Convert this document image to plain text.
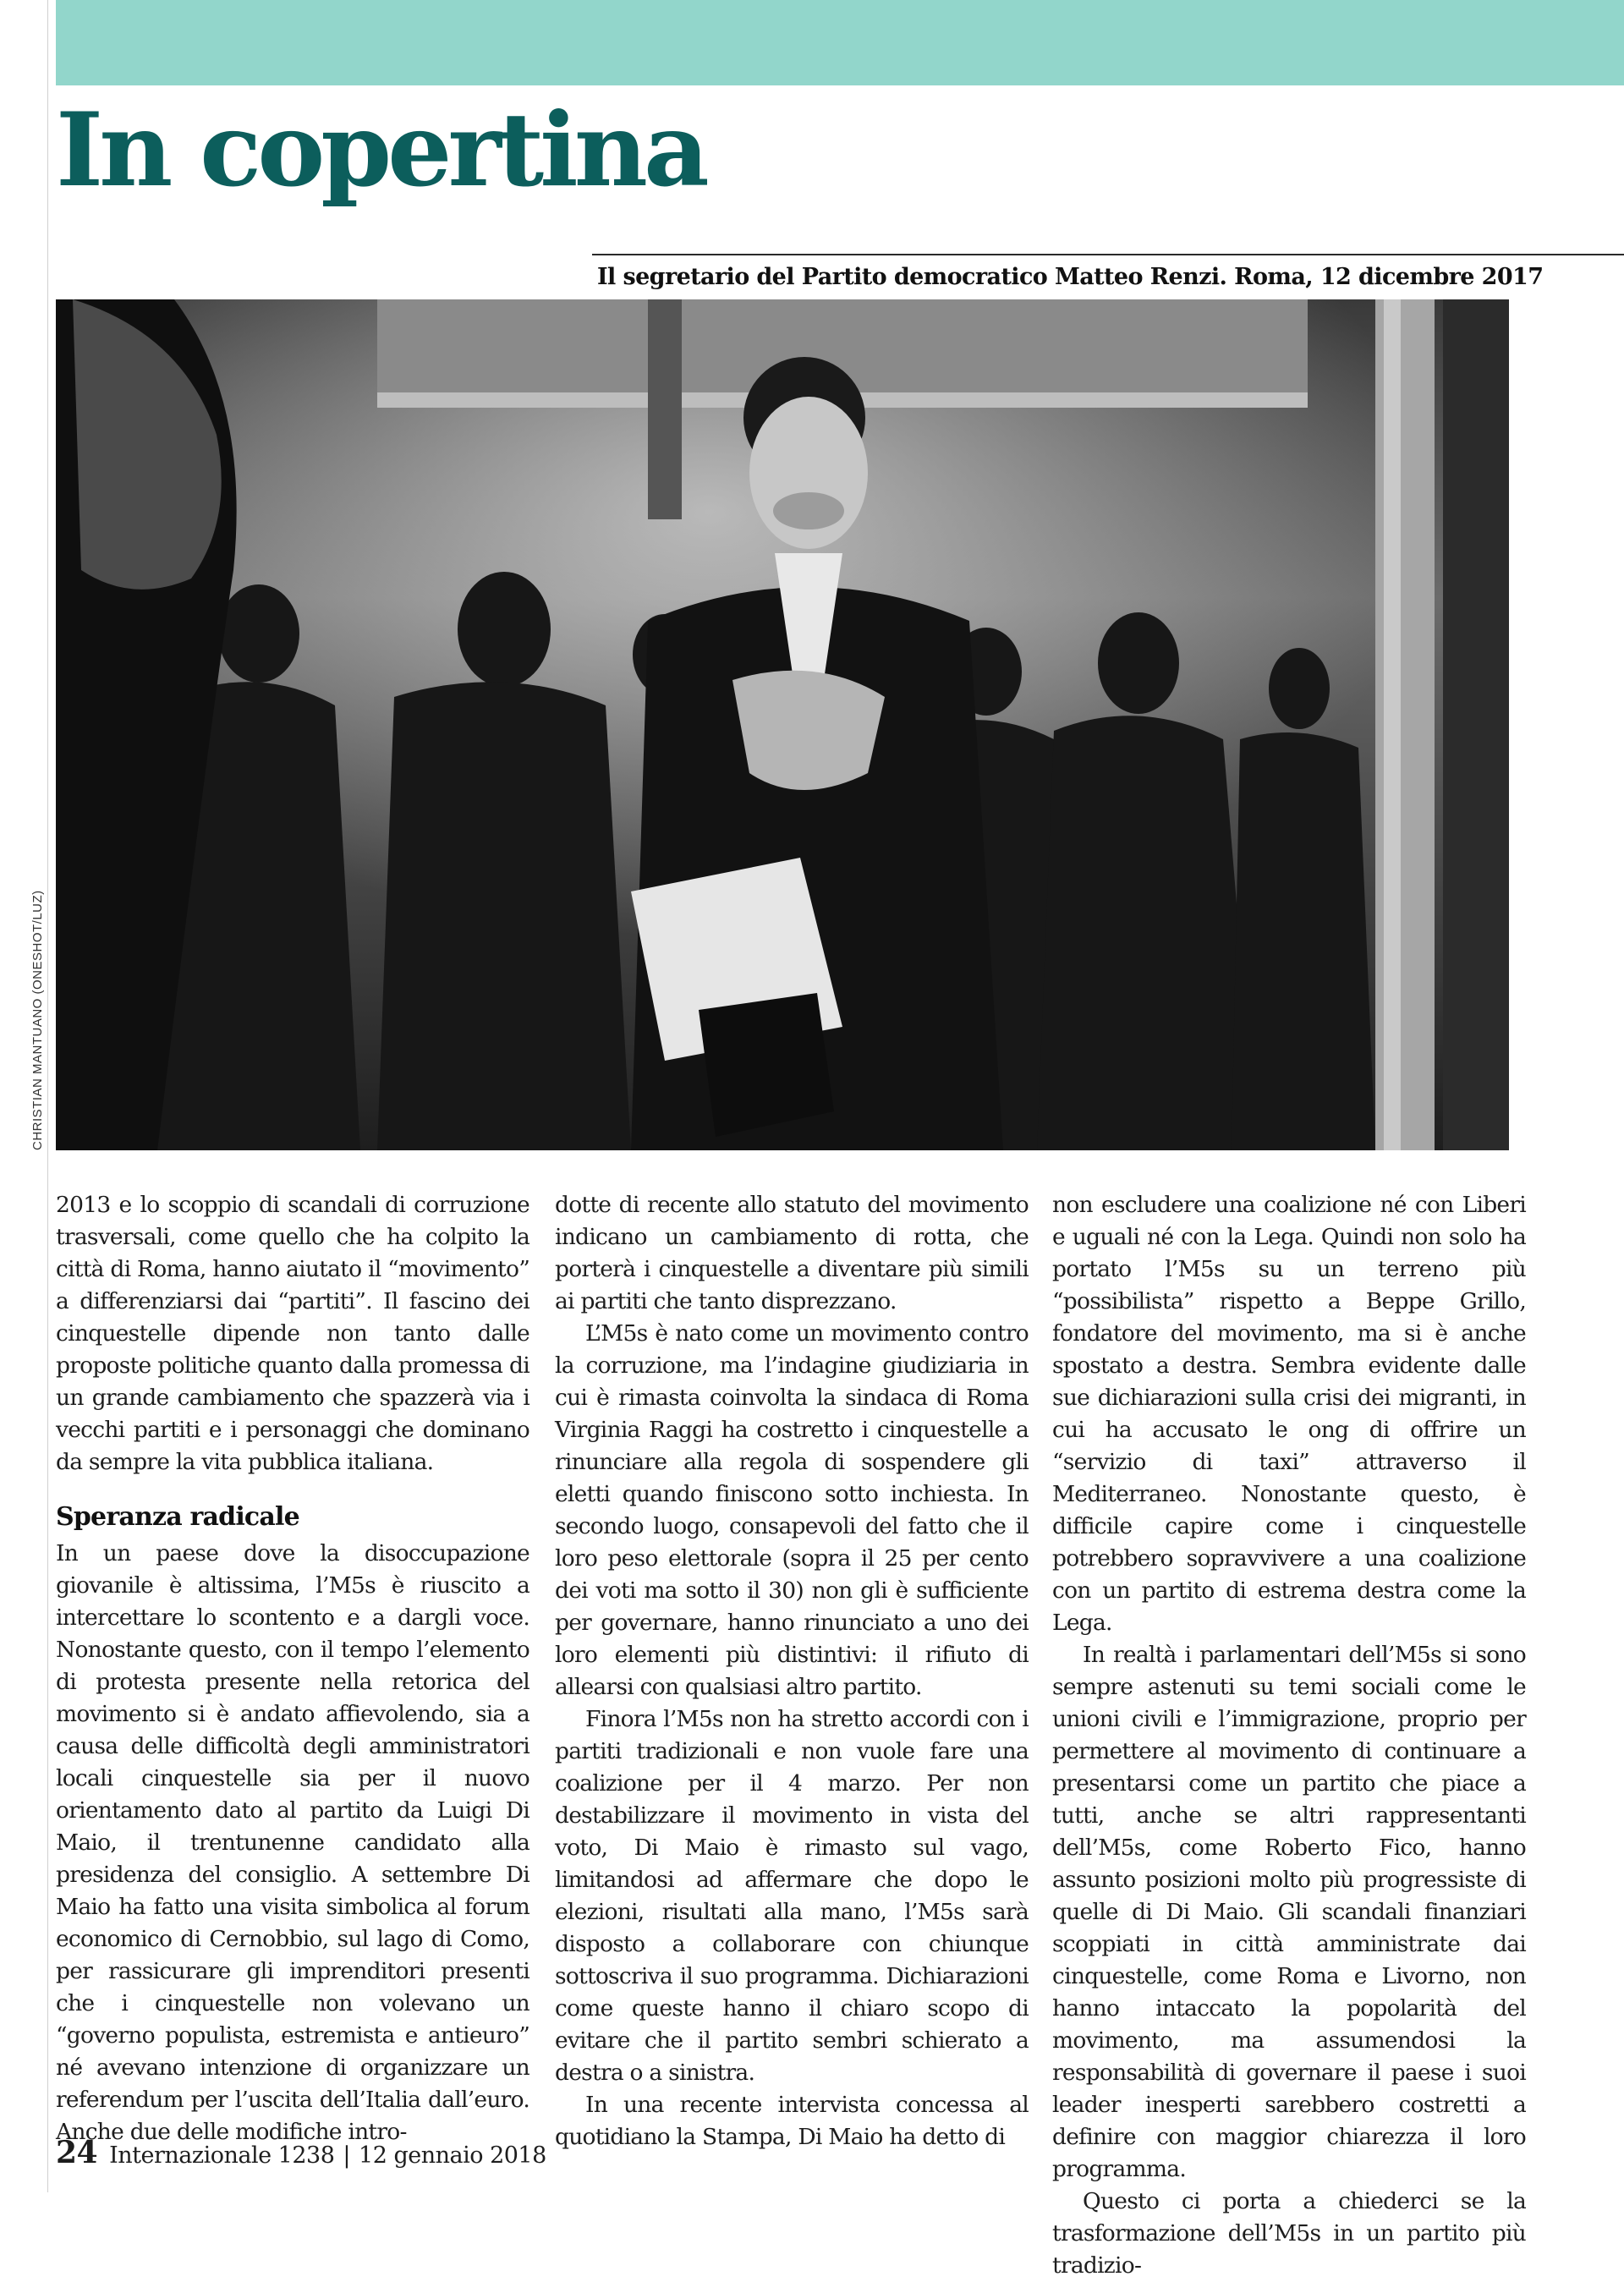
In copertina
Il segretario del Partito democratico Matteo Renzi. Roma, 12 dicembre 2017
CHRISTIAN MANTUANO (ONESHOT/LUZ)

2013 e lo scoppio di scandali di corruzione trasversali, come quello che ha colpito la città di Roma, hanno aiutato il “movimento” a differenziarsi dai “partiti”. Il fascino dei cinquestelle dipende non tanto dalle proposte politiche quanto dalla promessa di un grande cambiamento che spazzerà via i vecchi partiti e i personaggi che dominano da sempre la vita pubblica italiana.

Speranza radicale

In un paese dove la disoccupazione giovanile è altissima, l’M5s è riuscito a intercettare lo scontento e a dargli voce. Nonostante questo, con il tempo l’elemento di protesta presente nella retorica del movimento si è andato affievolendo, sia a causa delle difficoltà degli amministratori locali cinquestelle sia per il nuovo orientamento dato al partito da Luigi Di Maio, il trentunenne candidato alla presidenza del consiglio. A settembre Di Maio ha fatto una visita simbolica al forum economico di Cernobbio, sul lago di Como, per rassicurare gli imprenditori presenti che i cinquestelle non volevano un “governo populista, estremista e antieuro” né avevano intenzione di organizzare un referendum per l’uscita dell’Italia dall’euro. Anche due delle modifiche intro-

dotte di recente allo statuto del movimento indicano un cambiamento di rotta, che porterà i cinquestelle a diventare più simili ai partiti che tanto disprezzano.

L’M5s è nato come un movimento contro la corruzione, ma l’indagine giudiziaria in cui è rimasta coinvolta la sindaca di Roma Virginia Raggi ha costretto i cinquestelle a rinunciare alla regola di sospendere gli eletti quando finiscono sotto inchiesta. In secondo luogo, consapevoli del fatto che il loro peso elettorale (sopra il 25 per cento dei voti ma sotto il 30) non gli è sufficiente per governare, hanno rinunciato a uno dei loro elementi più distintivi: il rifiuto di allearsi con qualsiasi altro partito.

Finora l’M5s non ha stretto accordi con i partiti tradizionali e non vuole fare una coalizione per il 4 marzo. Per non destabilizzare il movimento in vista del voto, Di Maio è rimasto sul vago, limitandosi ad affermare che dopo le elezioni, risultati alla mano, l’M5s sarà disposto a collaborare con chiunque sottoscriva il suo programma. Dichiarazioni come queste hanno il chiaro scopo di evitare che il partito sembri schierato a destra o a sinistra.

In una recente intervista concessa al quotidiano la Stampa, Di Maio ha detto di

non escludere una coalizione né con Liberi e uguali né con la Lega. Quindi non solo ha portato l’M5s su un terreno più “possibilista” rispetto a Beppe Grillo, fondatore del movimento, ma si è anche spostato a destra. Sembra evidente dalle sue dichiarazioni sulla crisi dei migranti, in cui ha accusato le ong di offrire un “servizio di taxi” attraverso il Mediterraneo. Nonostante questo, è difficile capire come i cinquestelle potrebbero sopravvivere a una coalizione con un partito di estrema destra come la Lega.

In realtà i parlamentari dell’M5s si sono sempre astenuti su temi sociali come le unioni civili e l’immigrazione, proprio per permettere al movimento di continuare a presentarsi come un partito che piace a tutti, anche se altri rappresentanti dell’M5s, come Roberto Fico, hanno assunto posizioni molto più progressiste di quelle di Di Maio. Gli scandali finanziari scoppiati in città amministrate dai cinquestelle, come Roma e Livorno, non hanno intaccato la popolarità del movimento, ma assumendosi la responsabilità di governare il paese i suoi leader inesperti sarebbero costretti a definire con maggior chiarezza il loro programma.

Questo ci porta a chiederci se la trasformazione dell’M5s in un partito più tradizio-

24 Internazionale 1238 | 12 gennaio 2018
